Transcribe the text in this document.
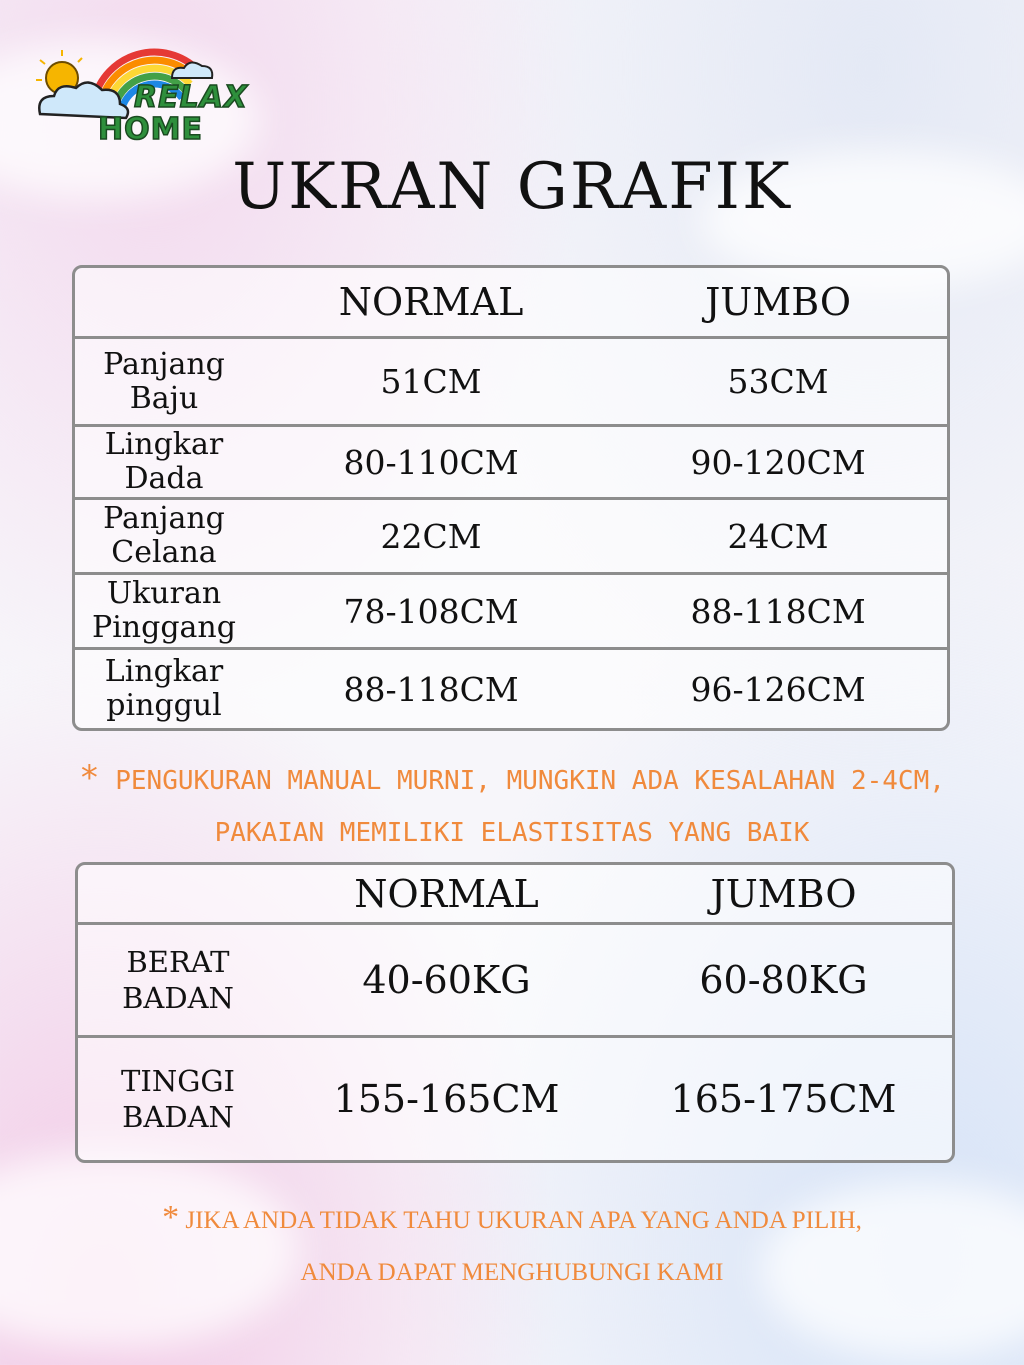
RELAX
HOME
UKRAN GRAFIK
	NORMAL	JUMBO
Panjang
Baju	51CM	53CM
Lingkar
Dada	80-110CM	90-120CM
Panjang
Celana	22CM	24CM
Ukuran
Pinggang	78-108CM	88-118CM
Lingkar
pinggul	88-118CM	96-126CM
* PENGUKURAN MANUAL MURNI, MUNGKIN ADA KESALAHAN 2-4CM,
PAKAIAN MEMILIKI ELASTISITAS YANG BAIK
	NORMAL	JUMBO
BERAT
BADAN	40-60KG	60-80KG
TINGGI
BADAN	155-165CM	165-175CM
* JIKA ANDA TIDAK TAHU UKURAN APA YANG ANDA PILIH,
ANDA DAPAT MENGHUBUNGI KAMI
